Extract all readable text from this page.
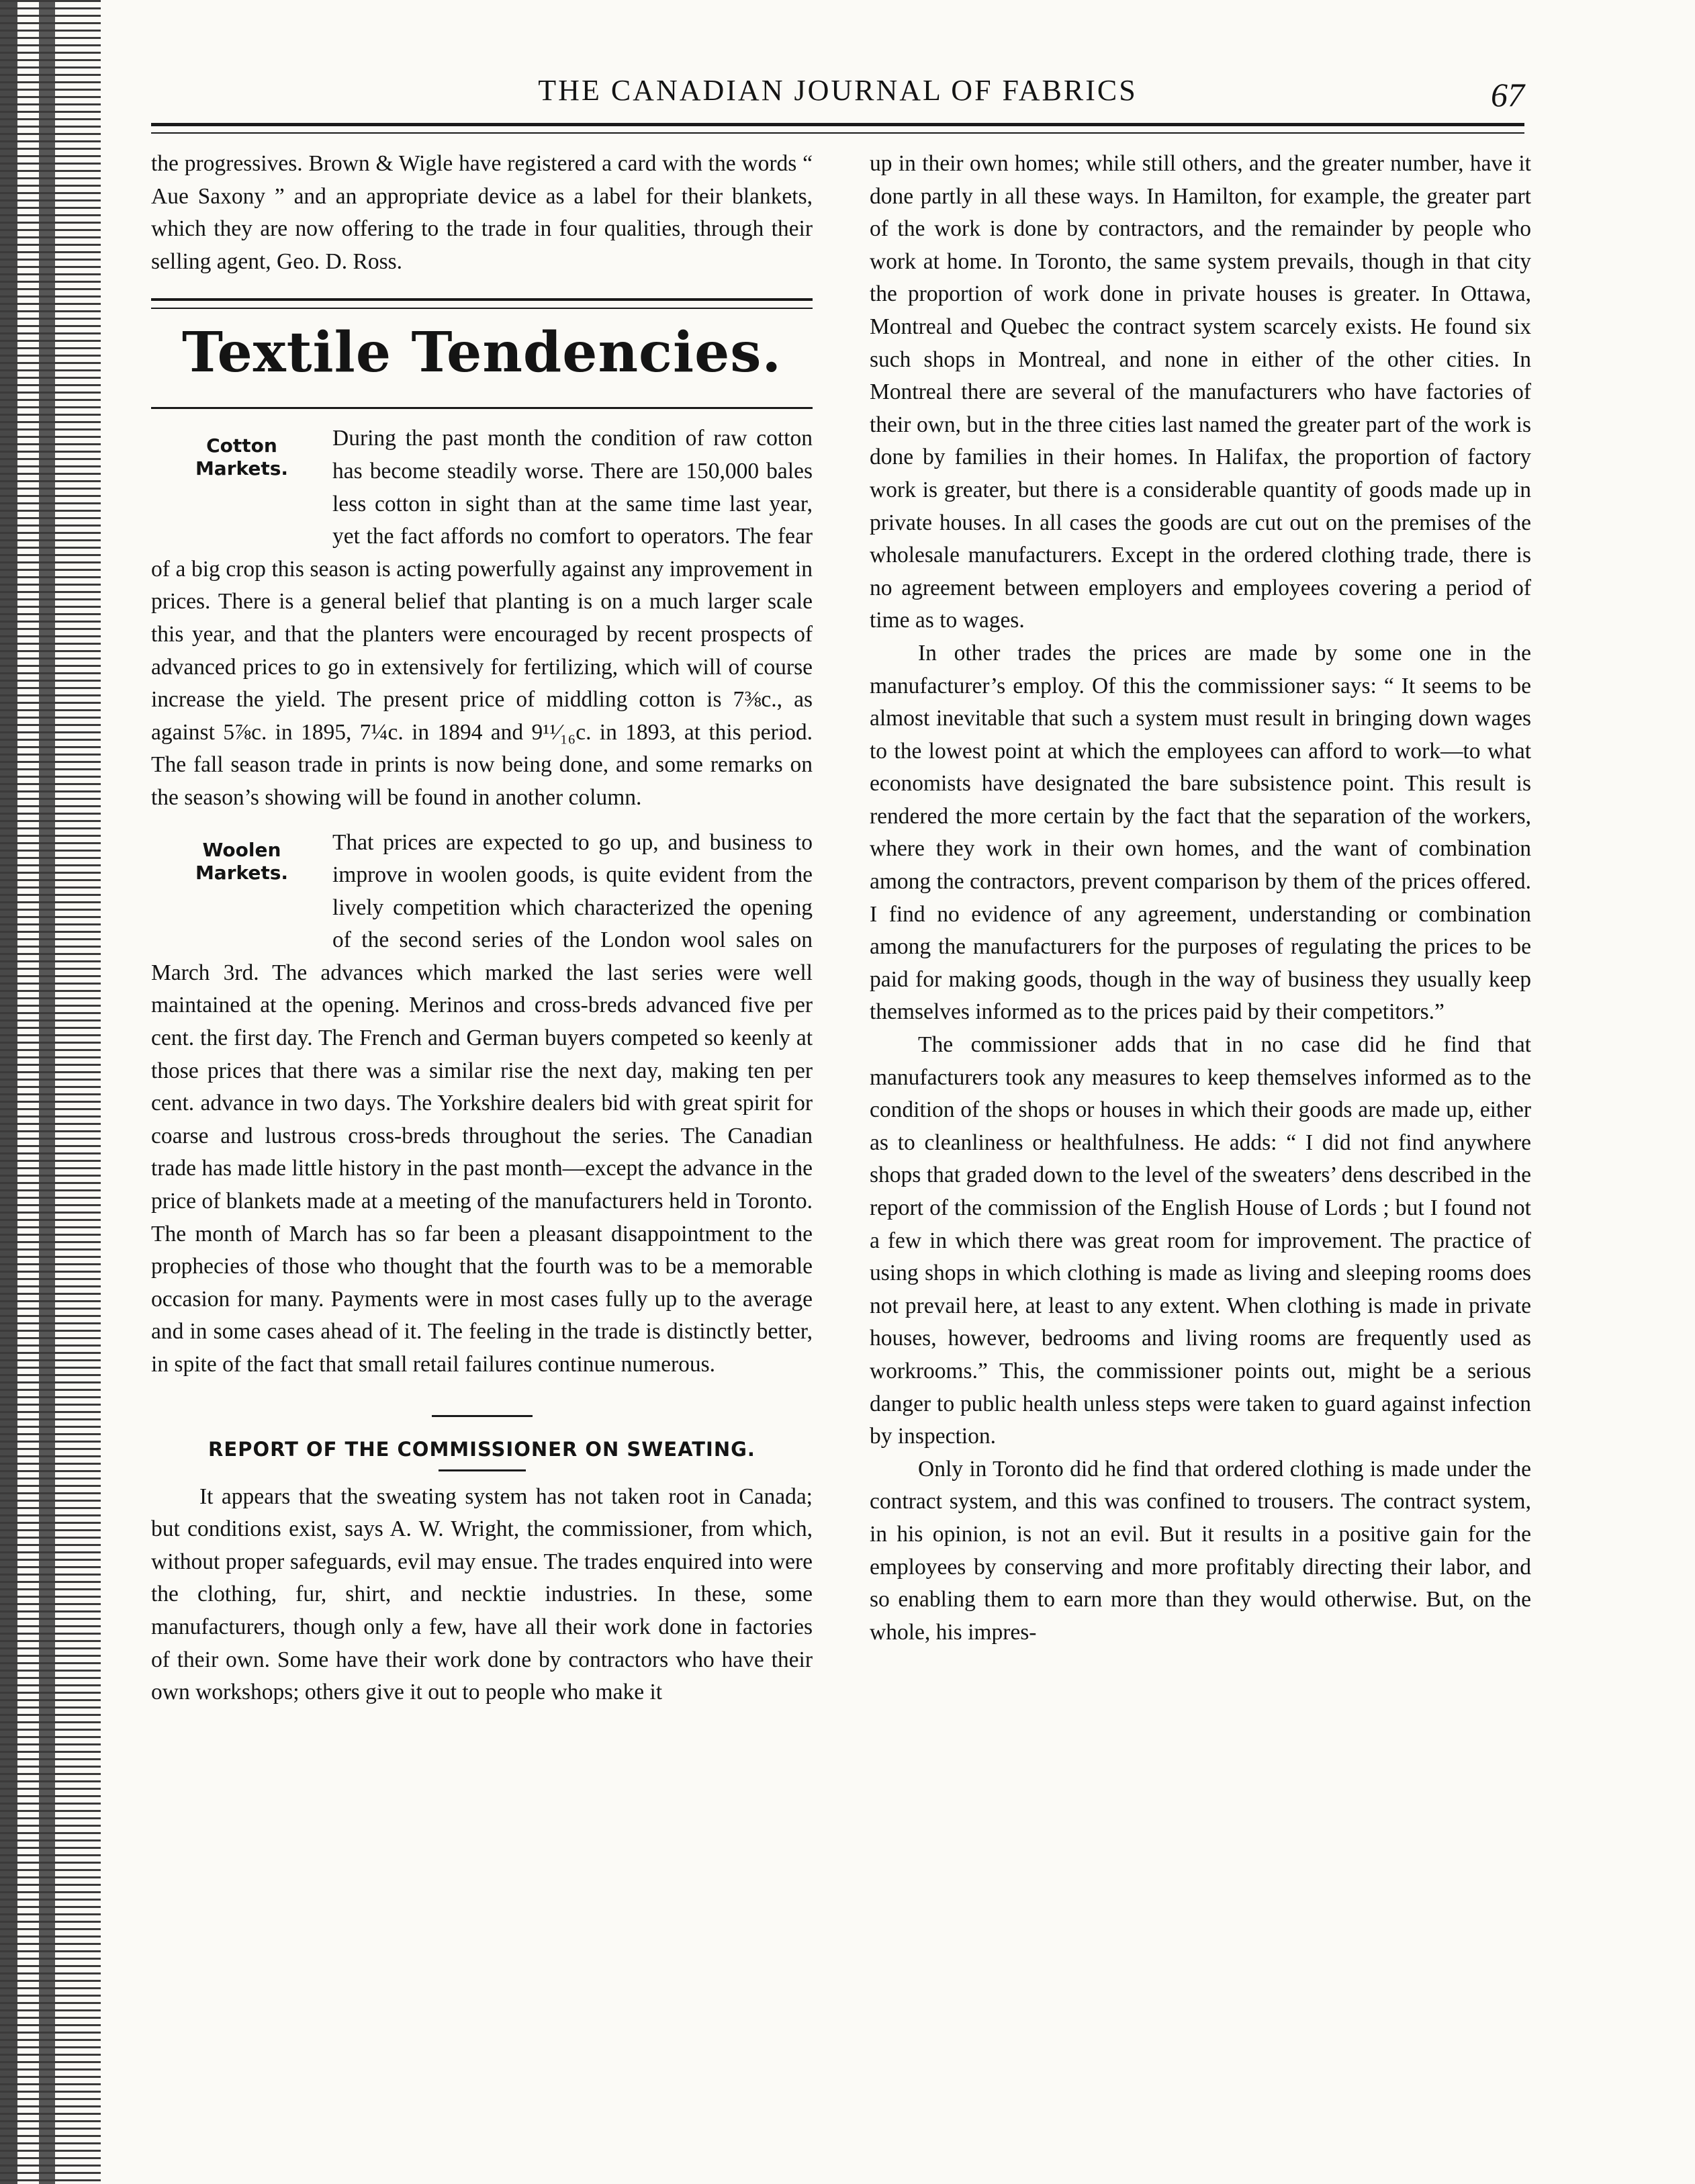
THE CANADIAN JOURNAL OF FABRICS	67

the progressives. Brown & Wigle have registered a card with the words “ Aue Saxony ” and an appropriate device as a label for their blankets, which they are now offering to the trade in four qualities, through their selling agent, Geo. D. Ross.

Textile Tendencies.
Cotton
Markets.

During the past month the condition of raw cotton has become steadily worse. There are 150,000 bales less cotton in sight than at the same time last year, yet the fact affords no comfort to operators. The fear of a big crop this season is acting powerfully against any improvement in prices. There is a general belief that planting is on a much larger scale this year, and that the planters were encouraged by recent prospects of advanced prices to go in extensively for fertilizing, which will of course increase the yield. The present price of middling cotton is 7⅜c., as against 5⅞c. in 1895, 7¼c. in 1894 and 9¹¹⁄₁₆c. in 1893, at this period. The fall season trade in prints is now being done, and some remarks on the season’s showing will be found in another column.

Woolen
Markets.

That prices are expected to go up, and business to improve in woolen goods, is quite evident from the lively competition which characterized the opening of the second series of the London wool sales on March 3rd. The advances which marked the last series were well maintained at the opening. Merinos and cross-breds advanced five per cent. the first day. The French and German buyers competed so keenly at those prices that there was a similar rise the next day, making ten per cent. advance in two days. The Yorkshire dealers bid with great spirit for coarse and lustrous cross-breds throughout the series. The Canadian trade has made little history in the past month—except the advance in the price of blankets made at a meeting of the manufacturers held in Toronto. The month of March has so far been a pleasant disappointment to the prophecies of those who thought that the fourth was to be a memorable occasion for many. Payments were in most cases fully up to the average and in some cases ahead of it. The feeling in the trade is distinctly better, in spite of the fact that small retail failures continue numerous.

REPORT OF THE COMMISSIONER ON SWEATING.

It appears that the sweating system has not taken root in Canada; but conditions exist, says A. W. Wright, the commissioner, from which, without proper safeguards, evil may ensue. The trades enquired into were the clothing, fur, shirt, and necktie industries. In these, some manufacturers, though only a few, have all their work done in factories of their own. Some have their work done by contractors who have their own workshops; others give it out to people who make it

up in their own homes; while still others, and the greater number, have it done partly in all these ways. In Hamilton, for example, the greater part of the work is done by contractors, and the remainder by people who work at home. In Toronto, the same system prevails, though in that city the proportion of work done in private houses is greater. In Ottawa, Montreal and Quebec the contract system scarcely exists. He found six such shops in Montreal, and none in either of the other cities. In Montreal there are several of the manufacturers who have factories of their own, but in the three cities last named the greater part of the work is done by families in their homes. In Halifax, the proportion of factory work is greater, but there is a considerable quantity of goods made up in private houses. In all cases the goods are cut out on the premises of the wholesale manufacturers. Except in the ordered clothing trade, there is no agreement between employers and employees covering a period of time as to wages.

In other trades the prices are made by some one in the manufacturer’s employ. Of this the commissioner says: “ It seems to be almost inevitable that such a system must result in bringing down wages to the lowest point at which the employees can afford to work—to what economists have designated the bare subsistence point. This result is rendered the more certain by the fact that the separation of the workers, where they work in their own homes, and the want of combination among the contractors, prevent comparison by them of the prices offered. I find no evidence of any agreement, understanding or combination among the manufacturers for the purposes of regulating the prices to be paid for making goods, though in the way of business they usually keep themselves informed as to the prices paid by their competitors.”

The commissioner adds that in no case did he find that manufacturers took any measures to keep themselves informed as to the condition of the shops or houses in which their goods are made up, either as to cleanliness or healthfulness. He adds: “ I did not find anywhere shops that graded down to the level of the sweaters’ dens described in the report of the commission of the English House of Lords ; but I found not a few in which there was great room for improvement. The practice of using shops in which clothing is made as living and sleeping rooms does not prevail here, at least to any extent. When clothing is made in private houses, however, bedrooms and living rooms are frequently used as workrooms.” This, the commissioner points out, might be a serious danger to public health unless steps were taken to guard against infection by inspection.

Only in Toronto did he find that ordered clothing is made under the contract system, and this was confined to trousers. The contract system, in his opinion, is not an evil. But it results in a positive gain for the employees by conserving and more profitably directing their labor, and so enabling them to earn more than they would otherwise. But, on the whole, his impres-
